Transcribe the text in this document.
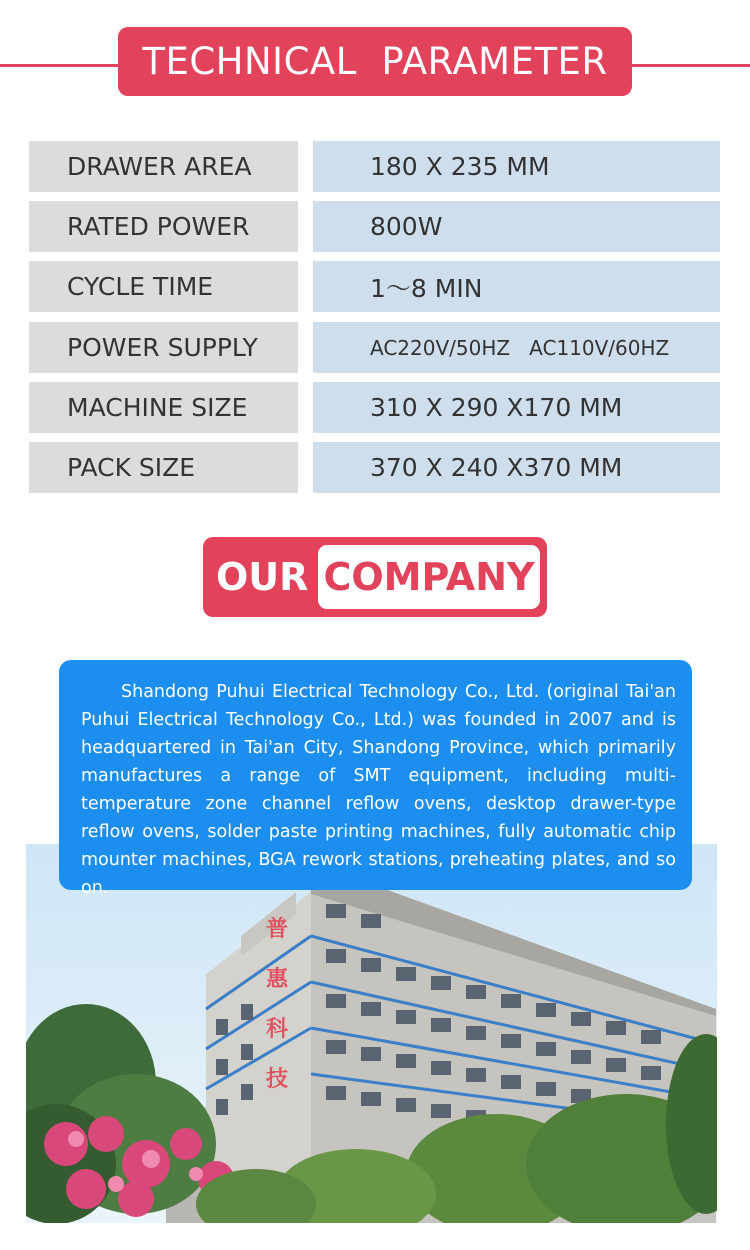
TECHNICAL  PARAMETER
DRAWER AREA	180 X 235 MM
RATED POWER	800W
CYCLE TIME	1～8 MIN
POWER SUPPLY	AC220V/50HZ   AC110V/60HZ
MACHINE SIZE	310 X 290 X170 MM
PACK SIZE	370 X 240 X370 MM
OUR COMPANY
普
惠
科
技

Shandong Puhui Electrical Technology Co., Ltd. (original Tai'an Puhui Electrical Technology Co., Ltd.) was founded in 2007 and is headquartered in Tai'an City, Shandong Province, which primarily manufactures a range of SMT equipment, including multi-temperature zone channel reflow ovens, desktop drawer-type reflow ovens, solder paste printing machines, fully automatic chip mounter machines, BGA rework stations, preheating plates, and so on.
